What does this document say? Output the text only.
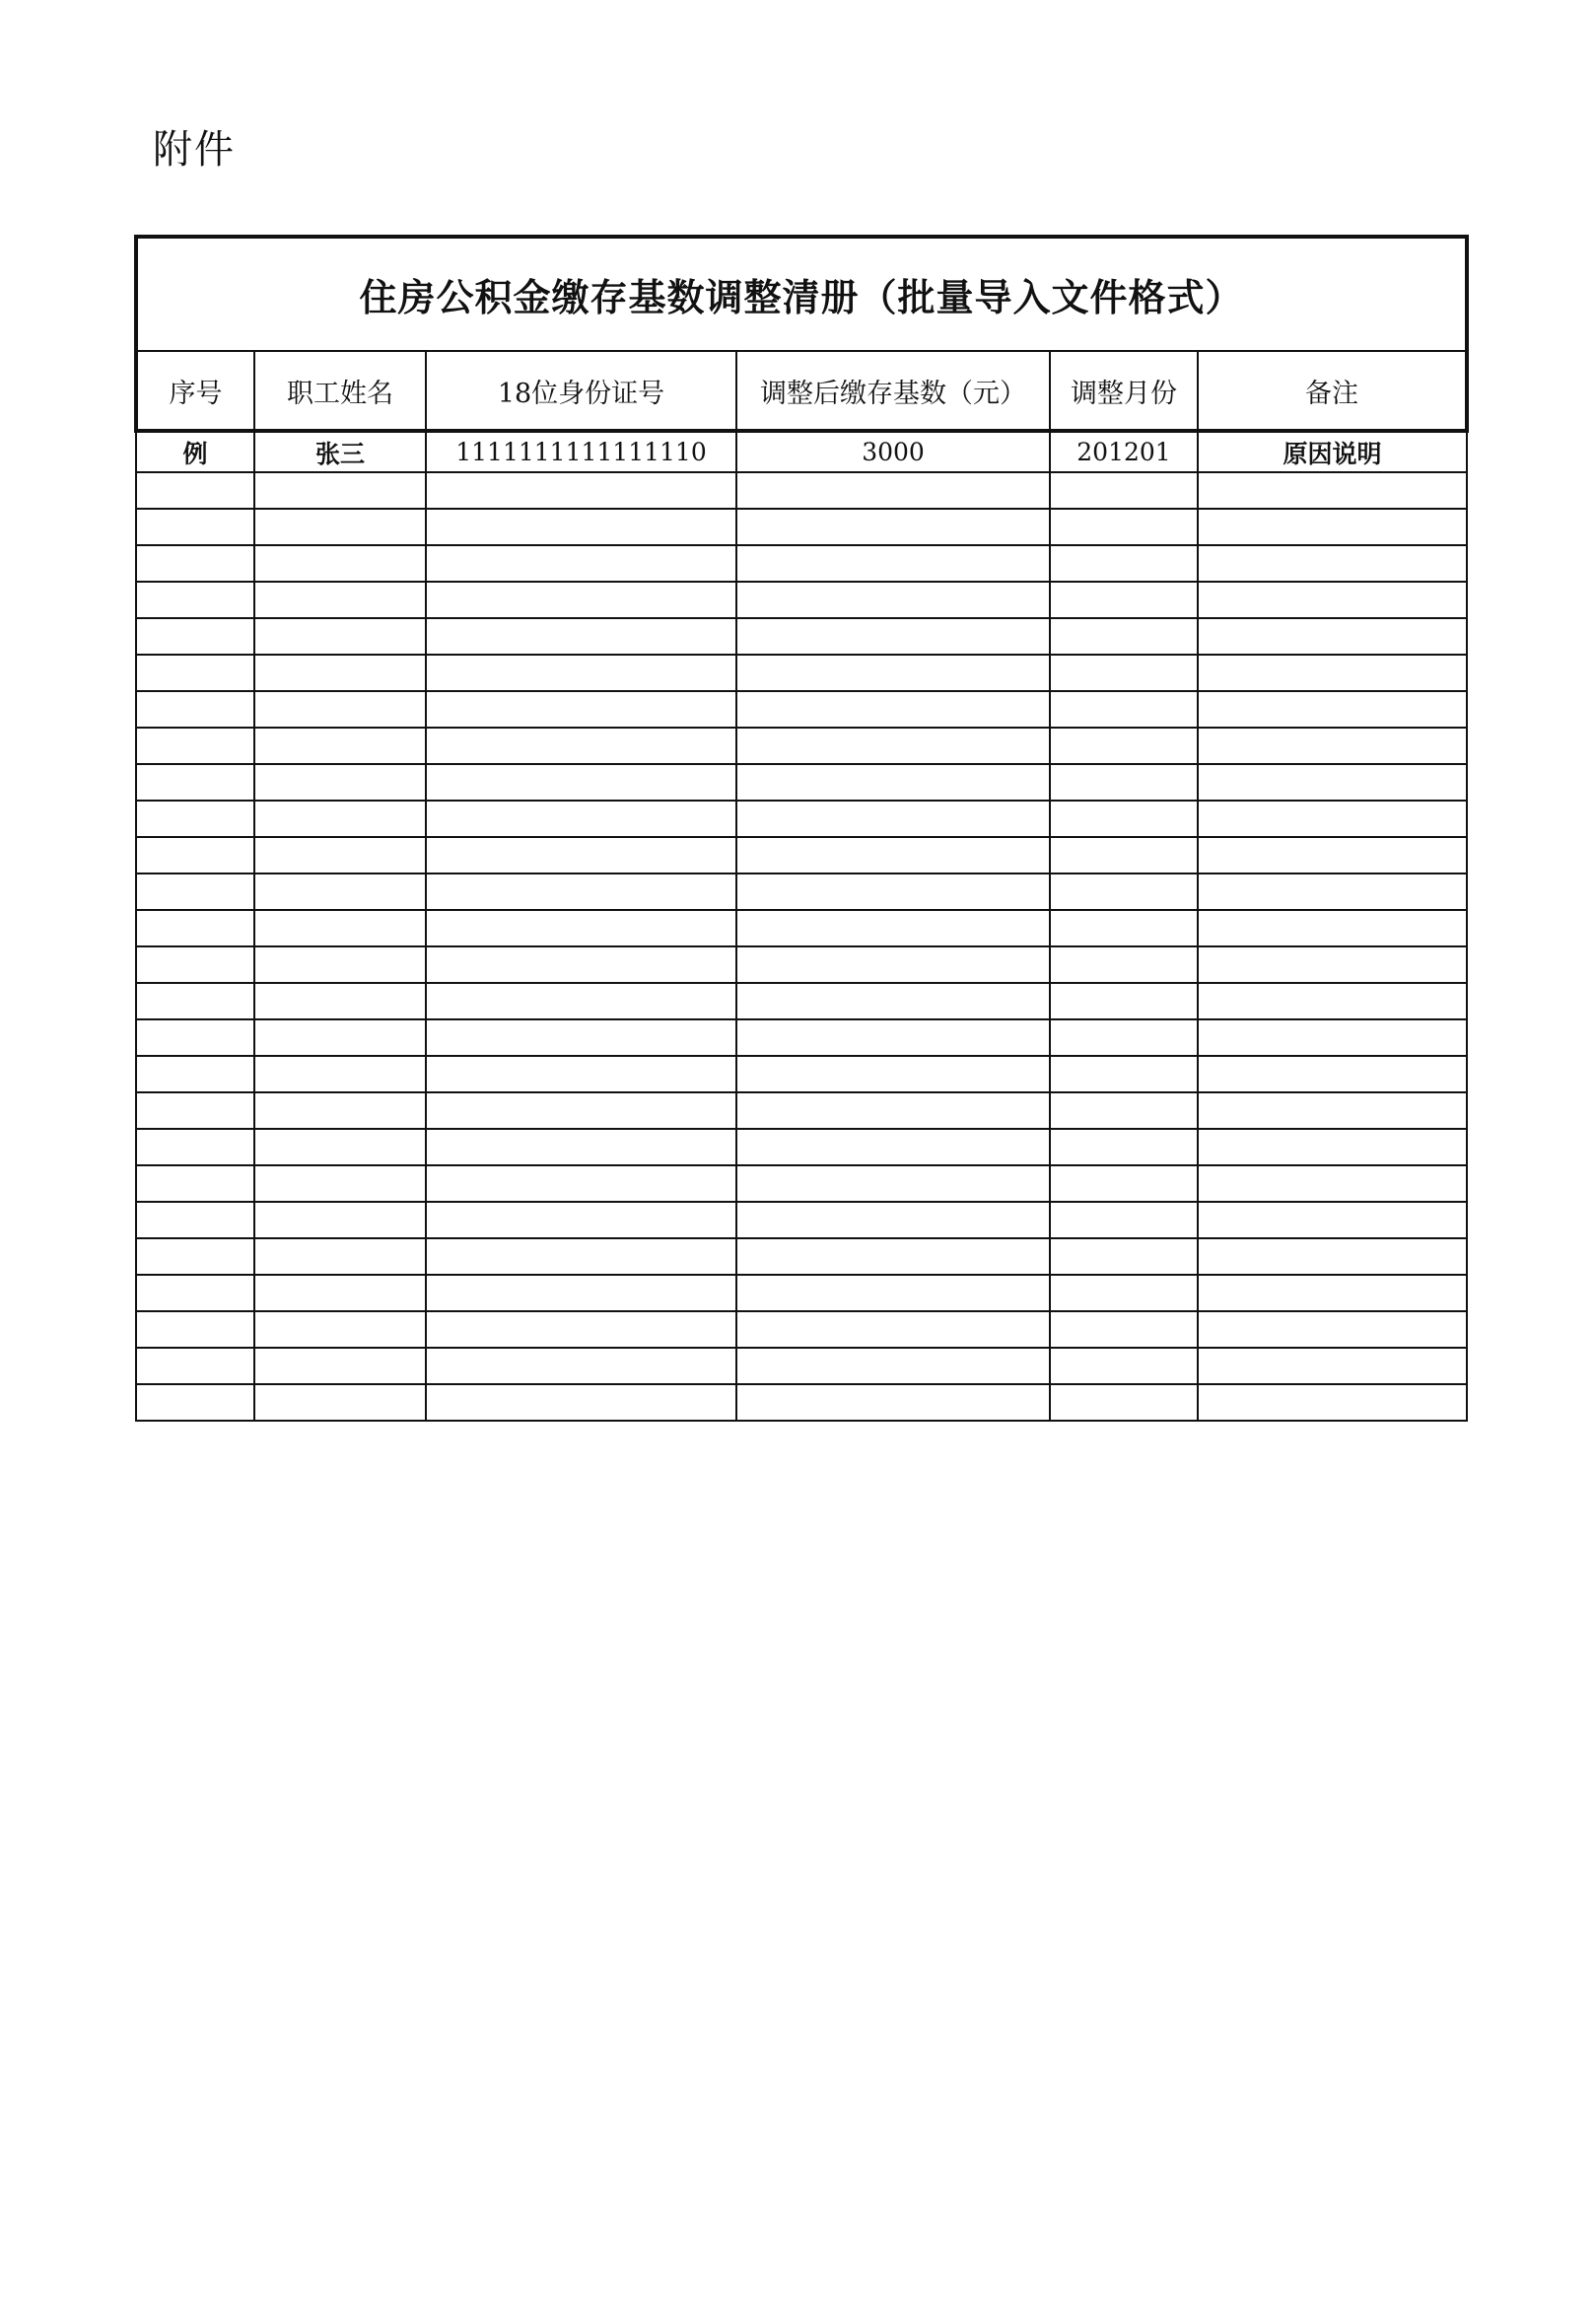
附件
住房公积金缴存基数调整清册（批量导入文件格式）					
序号	职工姓名	18位身份证号	调整后缴存基数（元）	调整月份	备注
例	张三	1111111111111110	3000	201201	原因说明
